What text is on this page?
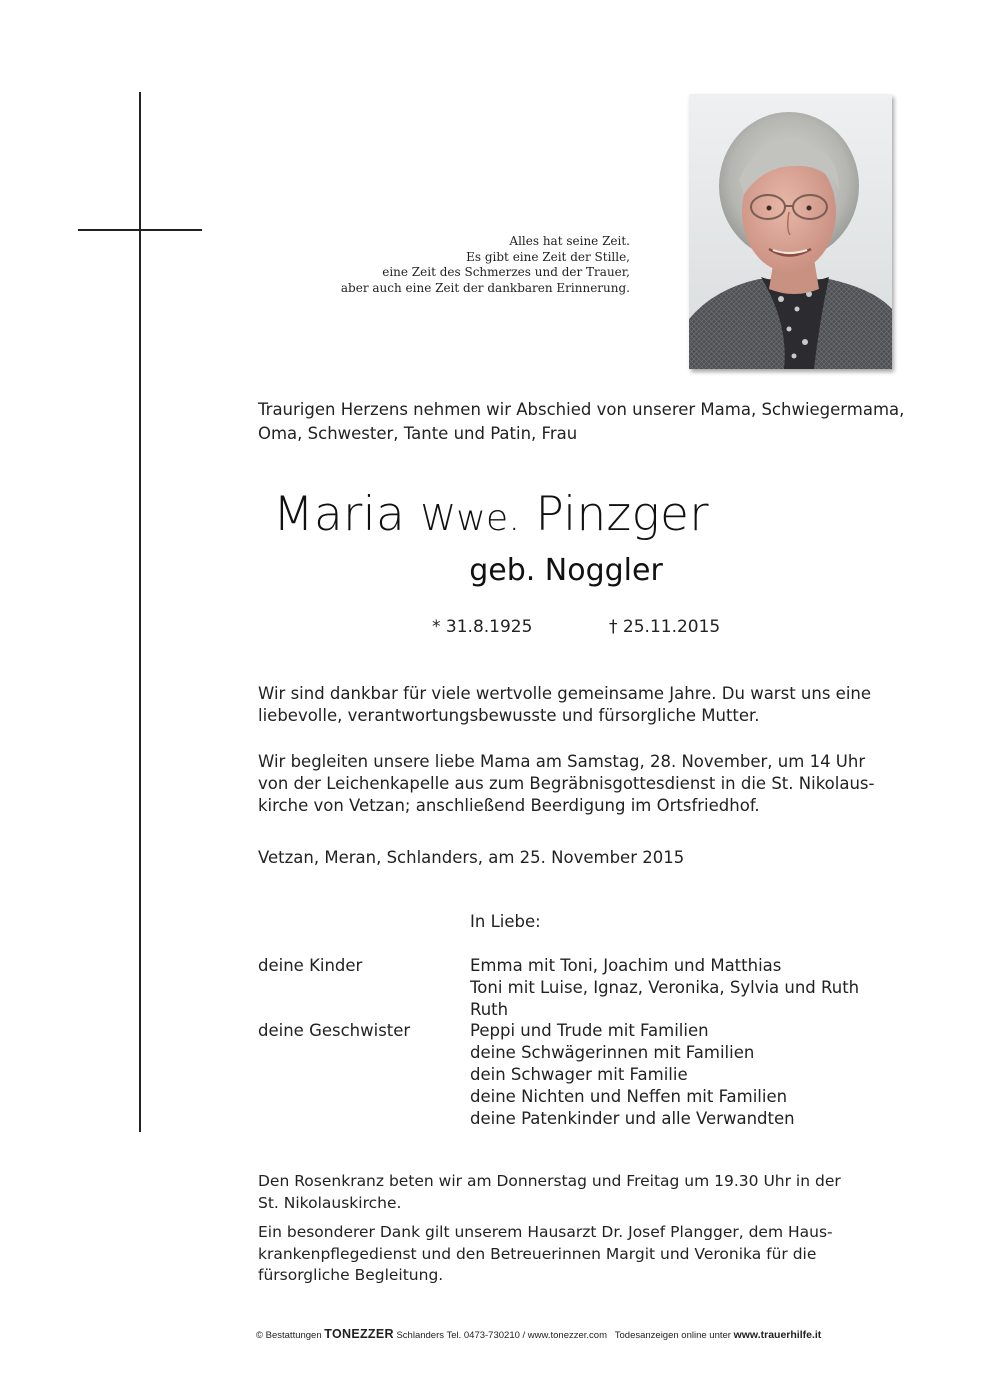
Alles hat seine Zeit.
Es gibt eine Zeit der Stille,
eine Zeit des Schmerzes und der Trauer,
aber auch eine Zeit der dankbaren Erinnerung.
Traurigen Herzens nehmen wir Abschied von unserer Mama, Schwiegermama,
Oma, Schwester, Tante und Patin, Frau
Maria Wwe. Pinzger
geb. Noggler
* 31.8.1925	† 25.11.2015
Wir sind dankbar für viele wertvolle gemeinsame Jahre. Du warst uns eine
liebevolle, verantwortungsbewusste und fürsorgliche Mutter.
Wir begleiten unsere liebe Mama am Samstag, 28. November, um 14 Uhr
von der Leichenkapelle aus zum Begräbnisgottesdienst in die St. Nikolaus-
kirche von Vetzan; anschließend Beerdigung im Ortsfriedhof.
Vetzan, Meran, Schlanders, am 25. November 2015
In Liebe:
deine Kinder	Emma mit Toni, Joachim und Matthias
Toni mit Luise, Ignaz, Veronika, Sylvia und Ruth
Ruth
deine Geschwister	Peppi und Trude mit Familien
deine Schwägerinnen mit Familien
dein Schwager mit Familie
deine Nichten und Neffen mit Familien
deine Patenkinder und alle Verwandten
Den Rosenkranz beten wir am Donnerstag und Freitag um 19.30 Uhr in der
St. Nikolauskirche.
Ein besonderer Dank gilt unserem Hausarzt Dr. Josef Plangger, dem Haus-
krankenpflegedienst und den Betreuerinnen Margit und Veronika für die
fürsorgliche Begleitung.
© Bestattungen TONEZZER Schlanders Tel. 0473-730210 / www.tonezzer.com Todesanzeigen online unter www.trauerhilfe.it
